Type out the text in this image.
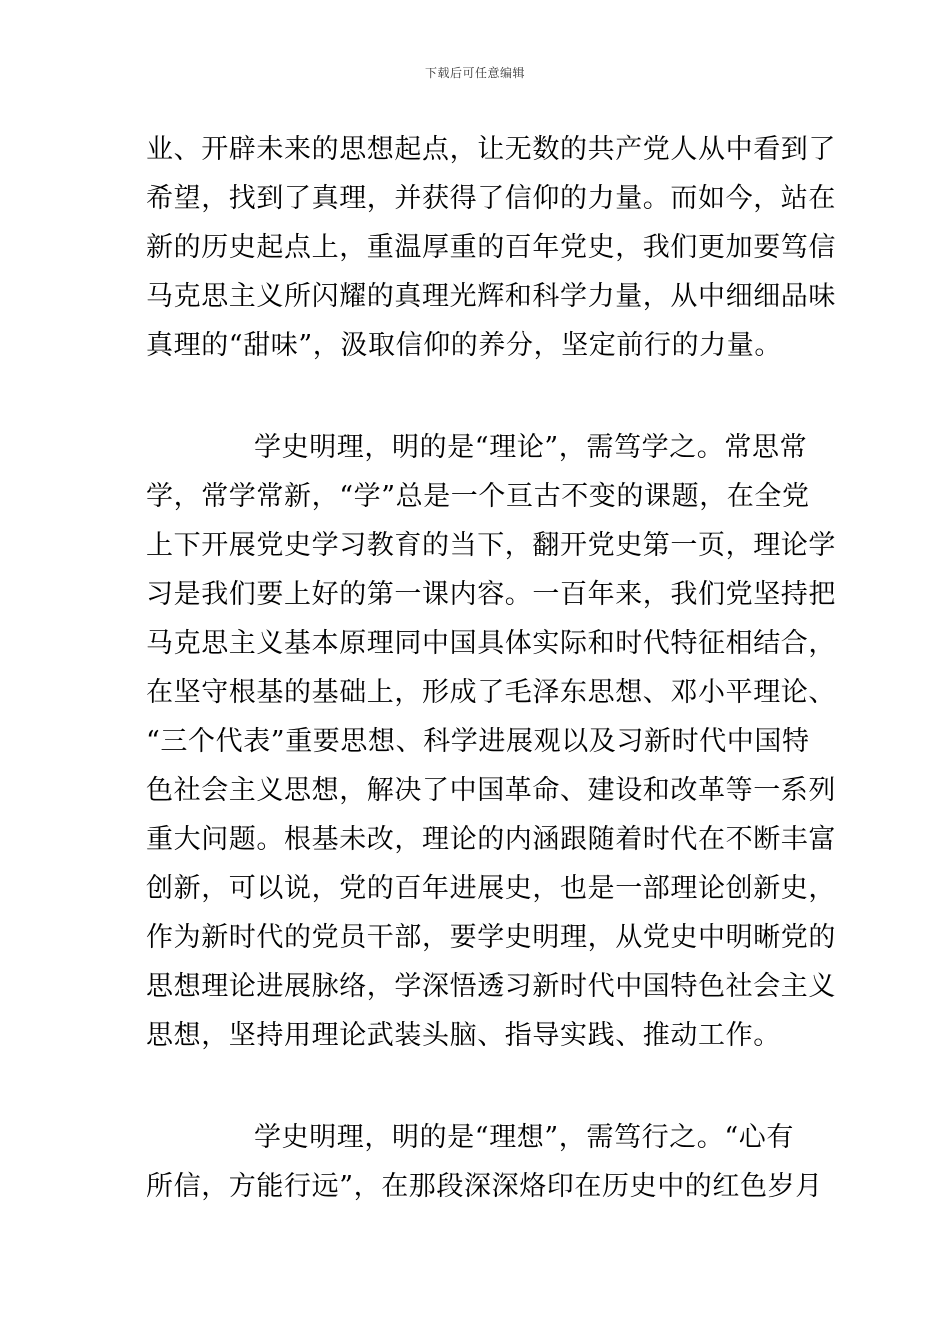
下载后可任意编辑
业、开辟未来的思想起点，让无数的共产党人从中看到了
希望，找到了真理，并获得了信仰的力量。而如今，站在
新的历史起点上，重温厚重的百年党史，我们更加要笃信
马克思主义所闪耀的真理光辉和科学力量，从中细细品味
真理的“甜味”，汲取信仰的养分，坚定前行的力量。
学史明理，明的是“理论”，需笃学之。常思常
学，常学常新，“学”总是一个亘古不变的课题，在全党
上下开展党史学习教育的当下，翻开党史第一页，理论学
习是我们要上好的第一课内容。一百年来，我们党坚持把
马克思主义基本原理同中国具体实际和时代特征相结合，
在坚守根基的基础上，形成了毛泽东思想、邓小平理论、
“三个代表”重要思想、科学进展观以及习新时代中国特
色社会主义思想，解决了中国革命、建设和改革等一系列
重大问题。根基未改，理论的内涵跟随着时代在不断丰富
创新，可以说，党的百年进展史，也是一部理论创新史，
作为新时代的党员干部，要学史明理，从党史中明晰党的
思想理论进展脉络，学深悟透习新时代中国特色社会主义
思想，坚持用理论武装头脑、指导实践、推动工作。
学史明理，明的是“理想”，需笃行之。“心有
所信，方能行远”，在那段深深烙印在历史中的红色岁月
